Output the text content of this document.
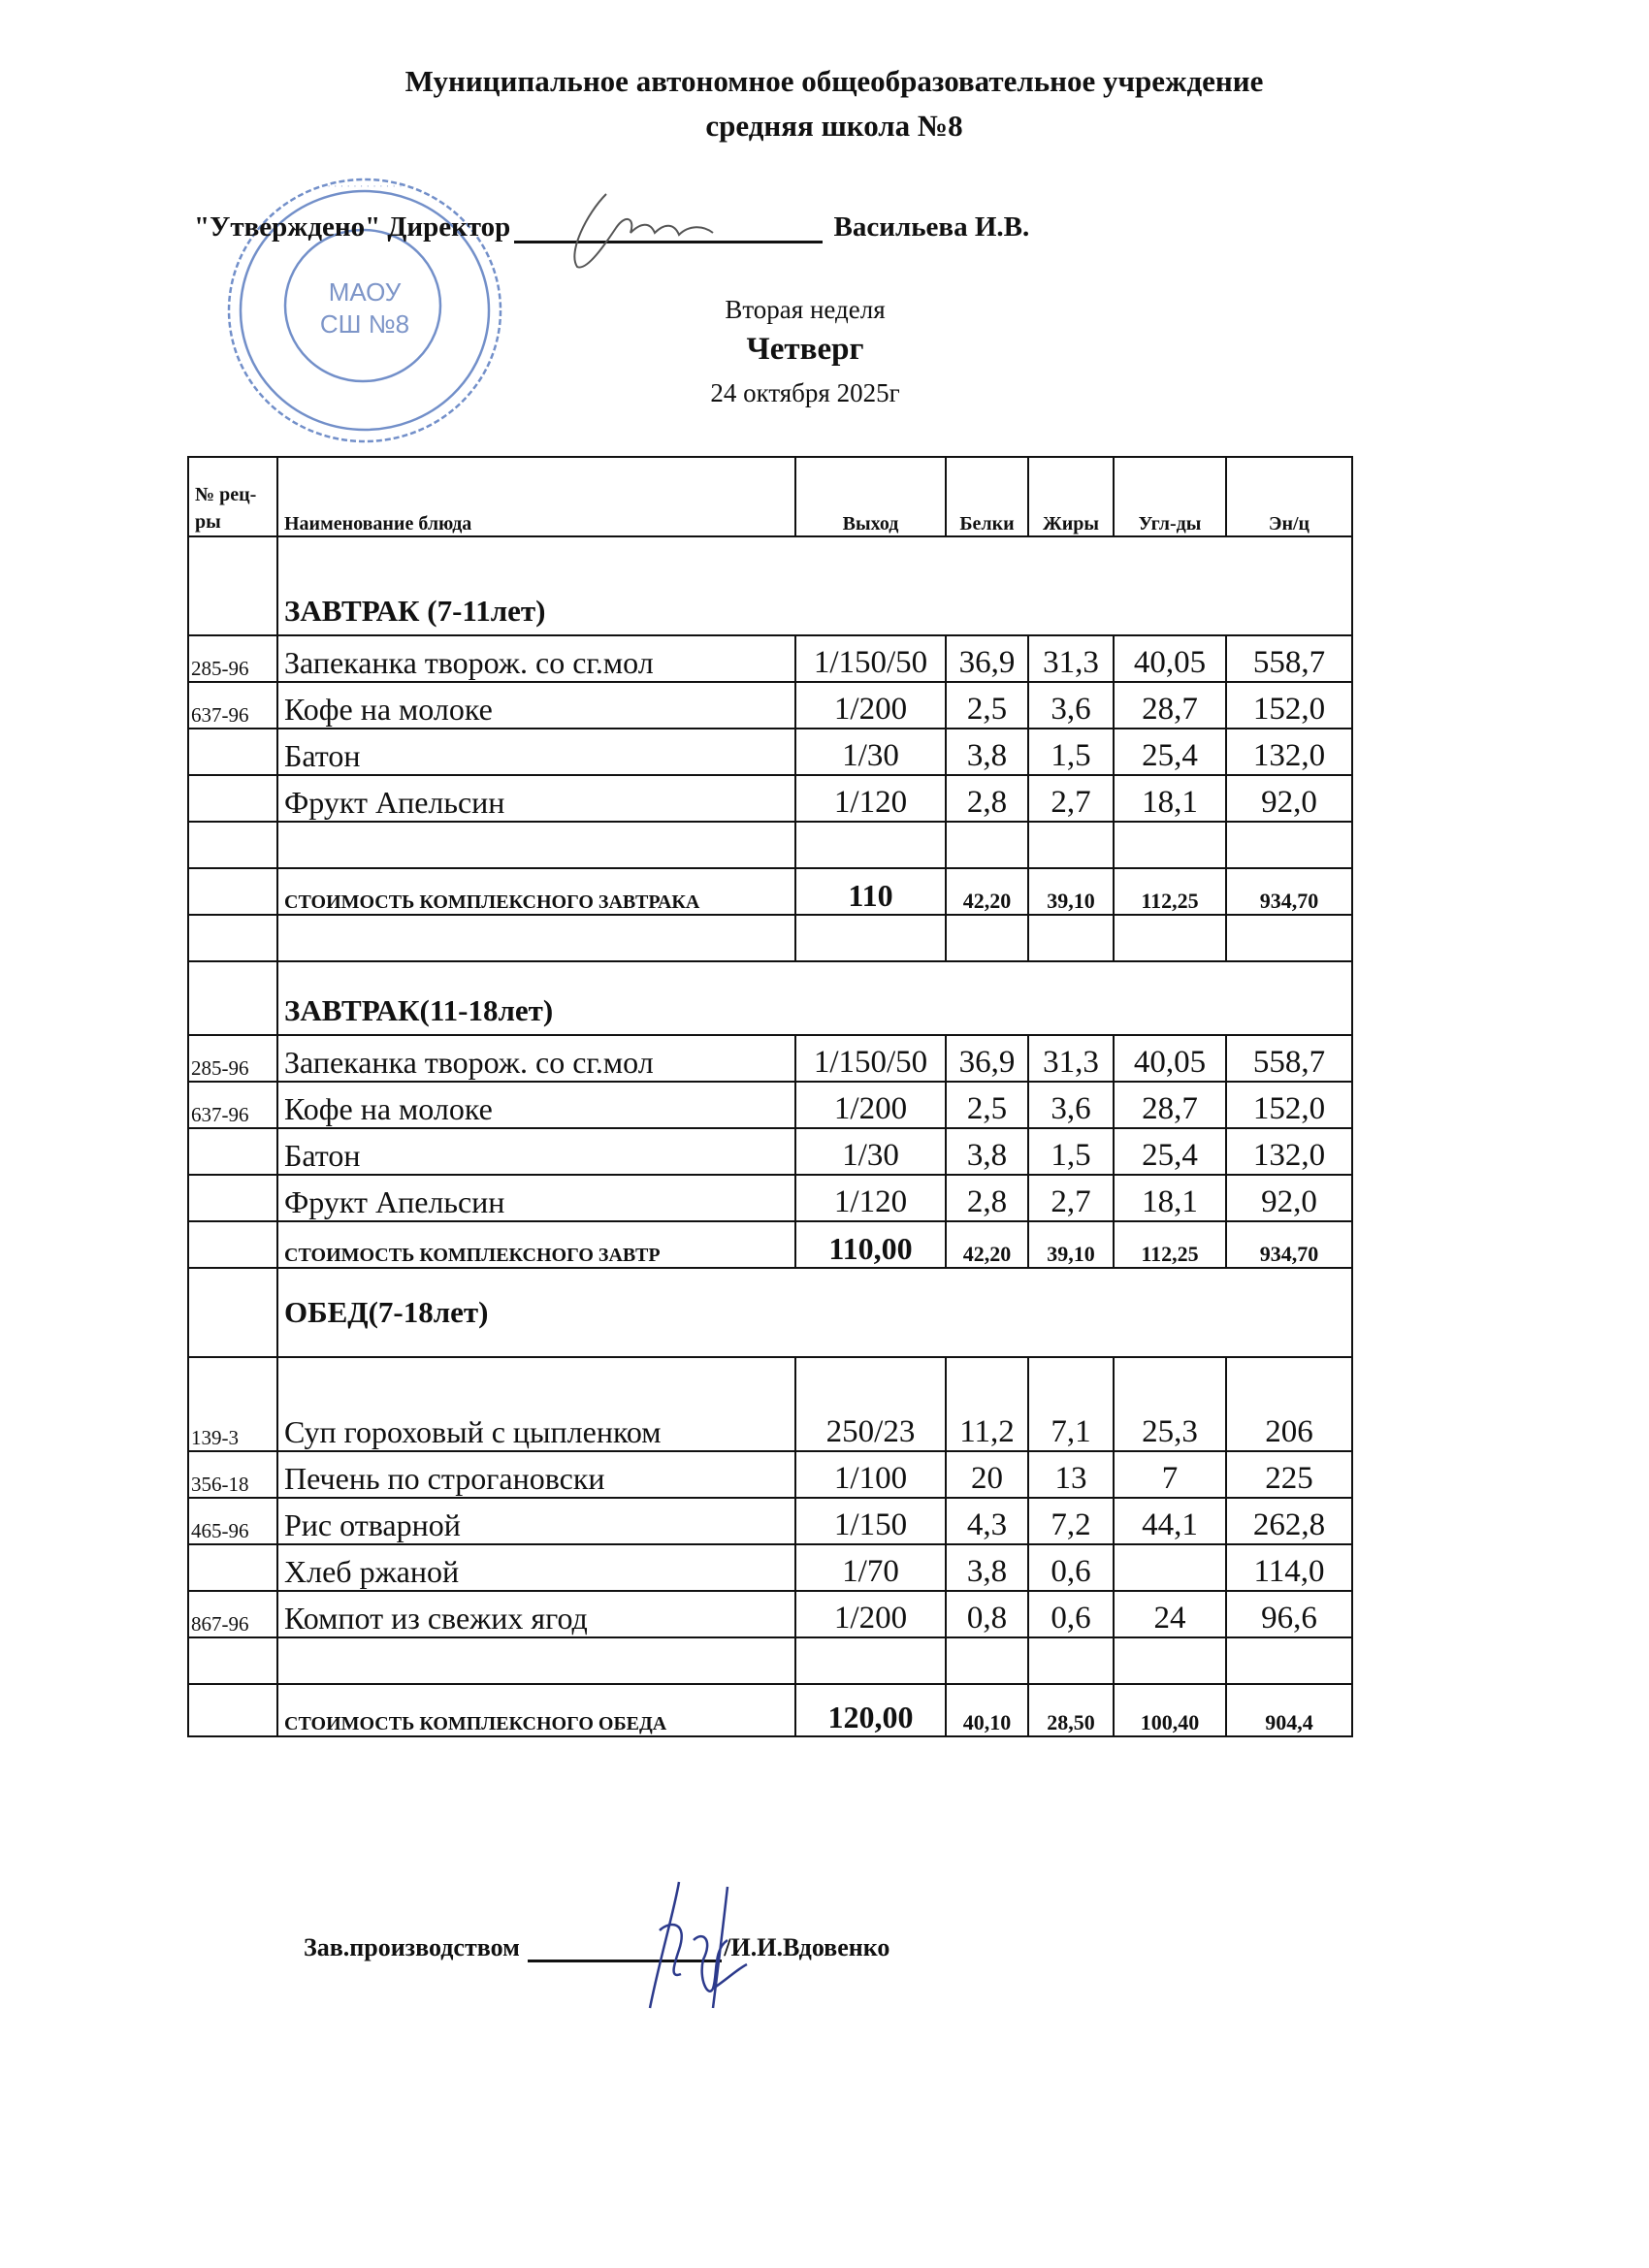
МАОУ
СШ №8
· · · · · · · · · · · ·
Муниципальное автономное общеобразовательное учреждение
средняя школа №8
"Утверждено" Директор	Васильева И.В.
Вторая неделя
Четверг
24 октября 2025г
№ рец-ры	Наименование блюда	Выход	Белки	Жиры	Угл-ды	Эн/ц
	ЗАВТРАК (7-11лет)					
285-96	Запеканка творож. со сг.мол	1/150/50	36,9	31,3	40,05	558,7
637-96	Кофе на молоке	1/200	2,5	3,6	28,7	152,0
	Батон	1/30	3,8	1,5	25,4	132,0
	Фрукт Апельсин	1/120	2,8	2,7	18,1	92,0

	СТОИМОСТЬ КОМПЛЕКСНОГО ЗАВТРАКА	110	42,20	39,10	112,25	934,70

	ЗАВТРАК(11-18лет)					
285-96	Запеканка творож. со сг.мол	1/150/50	36,9	31,3	40,05	558,7
637-96	Кофе на молоке	1/200	2,5	3,6	28,7	152,0
	Батон	1/30	3,8	1,5	25,4	132,0
	Фрукт Апельсин	1/120	2,8	2,7	18,1	92,0
	СТОИМОСТЬ КОМПЛЕКСНОГО ЗАВТР	110,00	42,20	39,10	112,25	934,70
	ОБЕД(7-18лет)					
139-3	Суп гороховый с цыпленком	250/23	11,2	7,1	25,3	206
356-18	Печень по строгановски	1/100	20	13	7	225
465-96	Рис отварной	1/150	4,3	7,2	44,1	262,8
	Хлеб ржаной	1/70	3,8	0,6		114,0
867-96	Компот из свежих ягод	1/200	0,8	0,6	24	96,6

	СТОИМОСТЬ КОМПЛЕКСНОГО ОБЕДА	120,00	40,10	28,50	100,40	904,4
Зав.производством	/И.И.Вдовенко
